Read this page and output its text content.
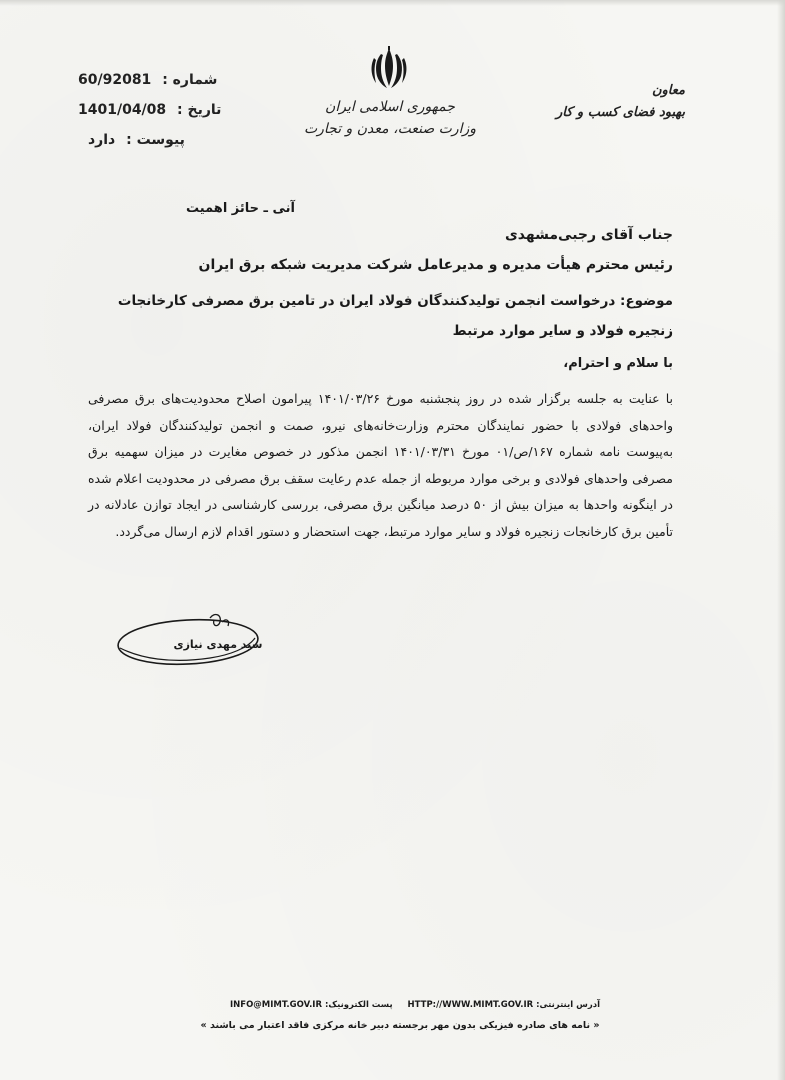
شماره : 60/92081
تاریخ : 1401/04/08
پیوست : دارد
جمهوری اسلامی ایران
وزارت صنعت، معدن و تجارت
معاون
بهبود فضای کسب و کار
آنی ـ حائز اهمیت
جناب آقای رجبی‌مشهدی
رئیس محترم هیأت مدیره و مدیرعامل شرکت مدیریت شبکه برق ایران
موضوع: درخواست انجمن تولیدکنندگان فولاد ایران در تامین برق مصرفی کارخانجات زنجیره فولاد و سایر موارد مرتبط
با سلام و احترام،
با عنایت به جلسه برگزار شده در روز پنجشنبه مورخ ۱۴۰۱/۰۳/۲۶ پیرامون اصلاح محدودیت‌های برق مصرفی واحدهای فولادی با حضور نمایندگان محترم وزارت‌خانه‌های نیرو، صمت و انجمن تولیدکنندگان فولاد ایران، به‌پیوست نامه شماره ۱۶۷/ص/۰۱ مورخ ۱۴۰۱/۰۳/۳۱ انجمن مذکور در خصوص مغایرت در میزان سهمیه برق مصرفی واحدهای فولادی و برخی موارد مربوطه از جمله عدم رعایت سقف برق مصرفی در محدودیت اعلام شده در اینگونه واحدها به میزان بیش از ۵۰ درصد میانگین برق مصرفی، بررسی کارشناسی در ایجاد توازن عادلانه در تأمین برق کارخانجات زنجیره فولاد و سایر موارد مرتبط، جهت استحضار و دستور اقدام لازم ارسال می‌گردد.
سید مهدی نیازی
آدرس اینترنتی: HTTP://WWW.MIMT.GOV.IR
پست الکترونیک: INFO@MIMT.GOV.IR
« نامه های صادره فیزیکی بدون مهر برجسته دبیر خانه مرکزی فاقد اعتبار می باشند »
